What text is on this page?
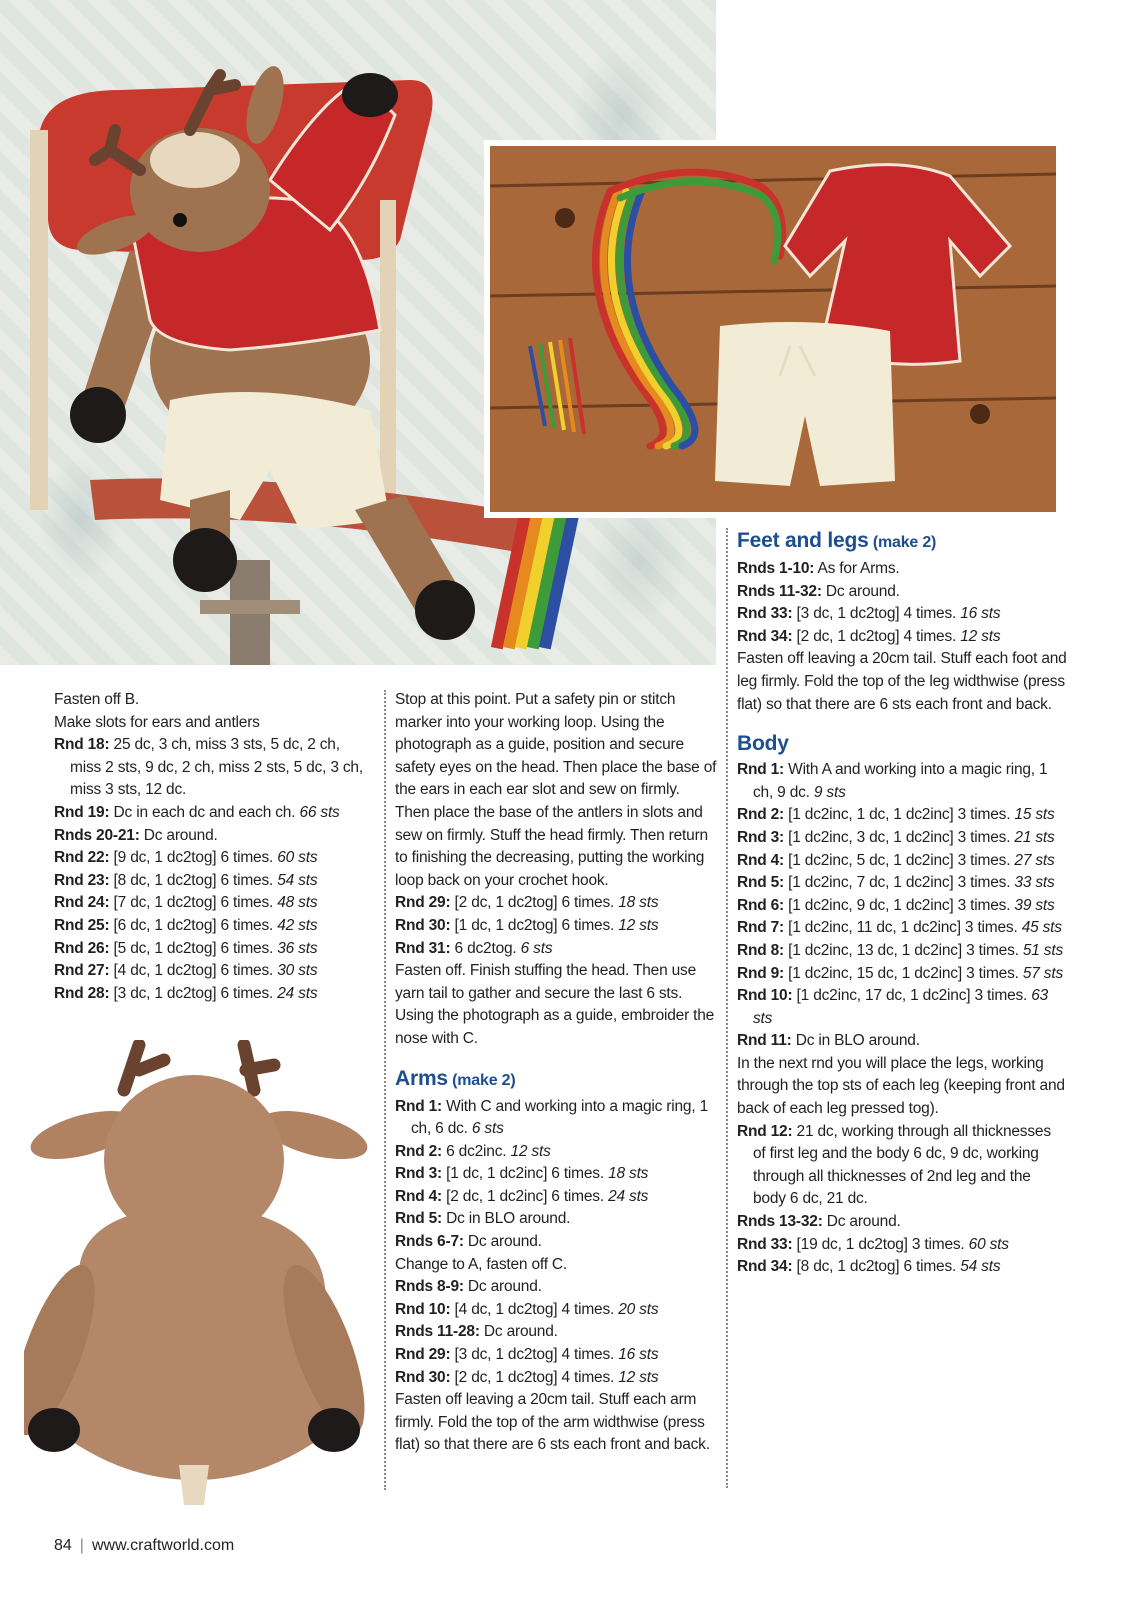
Fasten off B.
Make slots for ears and antlers
Rnd 18: 25 dc, 3 ch, miss 3 sts, 5 dc, 2 ch, miss 2 sts, 9 dc, 2 ch, miss 2 sts, 5 dc, 3 ch, miss 3 sts, 12 dc.
Rnd 19: Dc in each dc and each ch. 66 sts
Rnds 20-21: Dc around.
Rnd 22: [9 dc, 1 dc2tog] 6 times. 60 sts
Rnd 23: [8 dc, 1 dc2tog] 6 times. 54 sts
Rnd 24: [7 dc, 1 dc2tog] 6 times. 48 sts
Rnd 25: [6 dc, 1 dc2tog] 6 times. 42 sts
Rnd 26: [5 dc, 1 dc2tog] 6 times. 36 sts
Rnd 27: [4 dc, 1 dc2tog] 6 times. 30 sts
Rnd 28: [3 dc, 1 dc2tog] 6 times. 24 sts
Stop at this point. Put a safety pin or stitch marker into your working loop. Using the photograph as a guide, position and secure safety eyes on the head. Then place the base of the ears in each ear slot and sew on firmly. Then place the base of the antlers in slots and sew on firmly. Stuff the head firmly. Then return to finishing the decreasing, putting the working loop back on your crochet hook.
Rnd 29: [2 dc, 1 dc2tog] 6 times. 18 sts
Rnd 30: [1 dc, 1 dc2tog] 6 times. 12 sts
Rnd 31: 6 dc2tog. 6 sts
Fasten off. Finish stuffing the head. Then use yarn tail to gather and secure the last 6 sts. Using the photograph as a guide, embroider the nose with C.
Arms (make 2)
Rnd 1: With C and working into a magic ring, 1 ch, 6 dc. 6 sts
Rnd 2: 6 dc2inc. 12 sts
Rnd 3: [1 dc, 1 dc2inc] 6 times. 18 sts
Rnd 4: [2 dc, 1 dc2inc] 6 times. 24 sts
Rnd 5: Dc in BLO around.
Rnds 6-7: Dc around.
Change to A, fasten off C.
Rnds 8-9: Dc around.
Rnd 10: [4 dc, 1 dc2tog] 4 times. 20 sts
Rnds 11-28: Dc around.
Rnd 29: [3 dc, 1 dc2tog] 4 times. 16 sts
Rnd 30: [2 dc, 1 dc2tog] 4 times. 12 sts
Fasten off leaving a 20cm tail. Stuff each arm firmly. Fold the top of the arm widthwise (press flat) so that there are 6 sts each front and back.
Feet and legs (make 2)
Rnds 1-10: As for Arms.
Rnds 11-32: Dc around.
Rnd 33: [3 dc, 1 dc2tog] 4 times. 16 sts
Rnd 34: [2 dc, 1 dc2tog] 4 times. 12 sts
Fasten off leaving a 20cm tail. Stuff each foot and leg firmly. Fold the top of the leg widthwise (press flat) so that there are 6 sts each front and back.
Body
Rnd 1: With A and working into a magic ring, 1 ch, 9 dc. 9 sts
Rnd 2: [1 dc2inc, 1 dc, 1 dc2inc] 3 times. 15 sts
Rnd 3: [1 dc2inc, 3 dc, 1 dc2inc] 3 times. 21 sts
Rnd 4: [1 dc2inc, 5 dc, 1 dc2inc] 3 times. 27 sts
Rnd 5: [1 dc2inc, 7 dc, 1 dc2inc] 3 times. 33 sts
Rnd 6: [1 dc2inc, 9 dc, 1 dc2inc] 3 times. 39 sts
Rnd 7: [1 dc2inc, 11 dc, 1 dc2inc] 3 times. 45 sts
Rnd 8: [1 dc2inc, 13 dc, 1 dc2inc] 3 times. 51 sts
Rnd 9: [1 dc2inc, 15 dc, 1 dc2inc] 3 times. 57 sts
Rnd 10: [1 dc2inc, 17 dc, 1 dc2inc] 3 times. 63 sts
Rnd 11: Dc in BLO around.
In the next rnd you will place the legs, working through the top sts of each leg (keeping front and back of each leg pressed tog).
Rnd 12: 21 dc, working through all thicknesses of first leg and the body 6 dc, 9 dc, working through all thicknesses of 2nd leg and the body 6 dc, 21 dc.
Rnds 13-32: Dc around.
Rnd 33: [19 dc, 1 dc2tog] 3 times. 60 sts
Rnd 34: [8 dc, 1 dc2tog] 6 times. 54 sts
84 | www.craftworld.com
